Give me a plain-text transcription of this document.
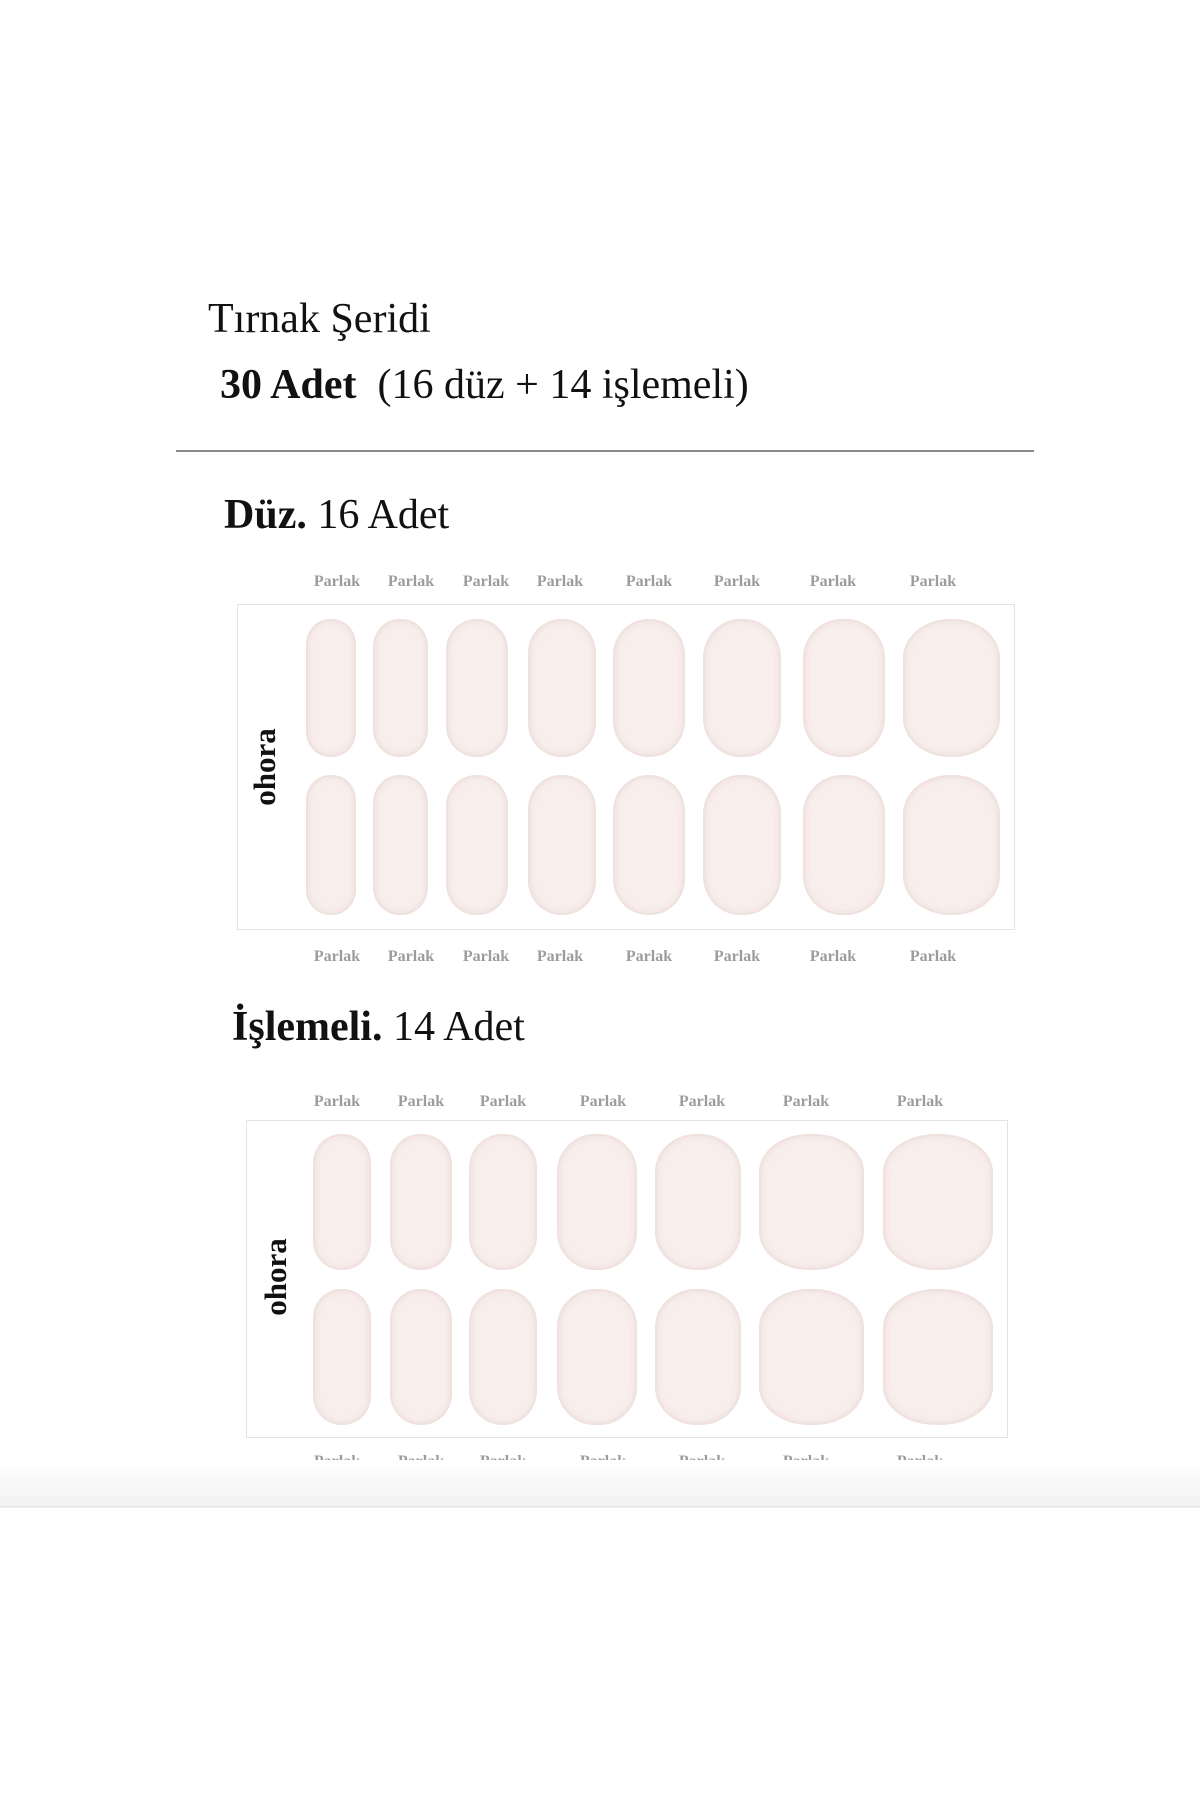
Tırnak Şeridi
30 Adet (16 düz + 14 işlemeli)
Düz. 16 Adet
Parlak Parlak Parlak Parlak	Parlak	Parlak	Parlak	Parlak
ohora
Parlak Parlak Parlak Parlak	Parlak	Parlak	Parlak	Parlak
İşlemeli. 14 Adet
Parlak Parlak Parlak	Parlak	Parlak	Parlak	Parlak
ohora
